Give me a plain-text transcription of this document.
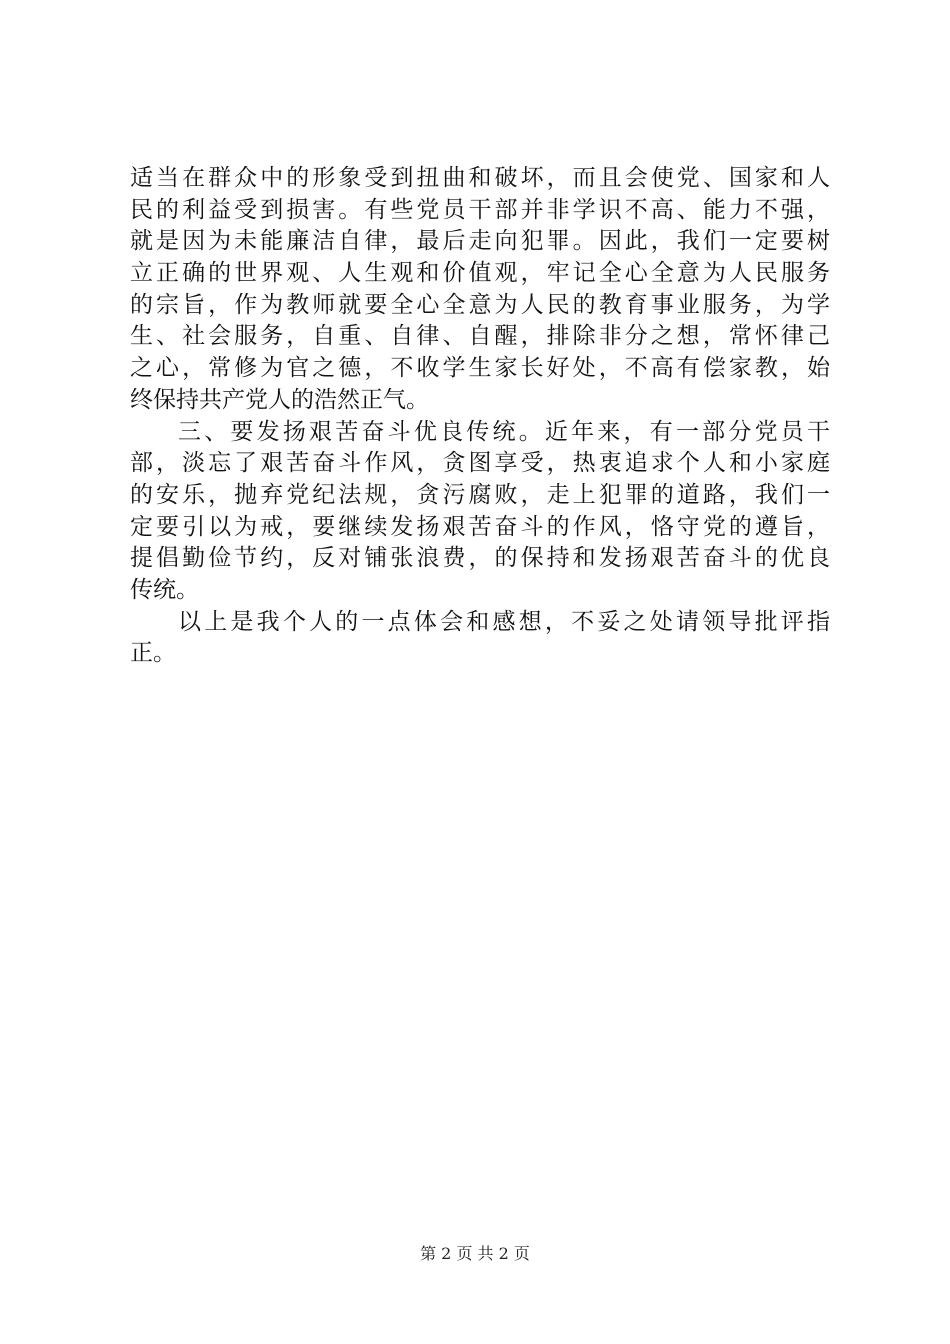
适当在群众中的形象受到扭曲和破坏，而且会使党、国家和人
民的利益受到损害。有些党员干部并非学识不高、能力不强，
就是因为未能廉洁自律，最后走向犯罪。因此，我们一定要树
立正确的世界观、人生观和价值观，牢记全心全意为人民服务
的宗旨，作为教师就要全心全意为人民的教育事业服务，为学
生、社会服务，自重、自律、自醒，排除非分之想，常怀律己
之心，常修为官之德，不收学生家长好处，不高有偿家教，始
终保持共产党人的浩然正气。
三、要发扬艰苦奋斗优良传统。近年来，有一部分党员干
部，淡忘了艰苦奋斗作风，贪图享受，热衷追求个人和小家庭
的安乐，抛弃党纪法规，贪污腐败，走上犯罪的道路，我们一
定要引以为戒，要继续发扬艰苦奋斗的作风，恪守党的遵旨，
提倡勤俭节约，反对铺张浪费，的保持和发扬艰苦奋斗的优良
传统。
以上是我个人的一点体会和感想，不妥之处请领导批评指
正。
第 2 页 共 2 页
